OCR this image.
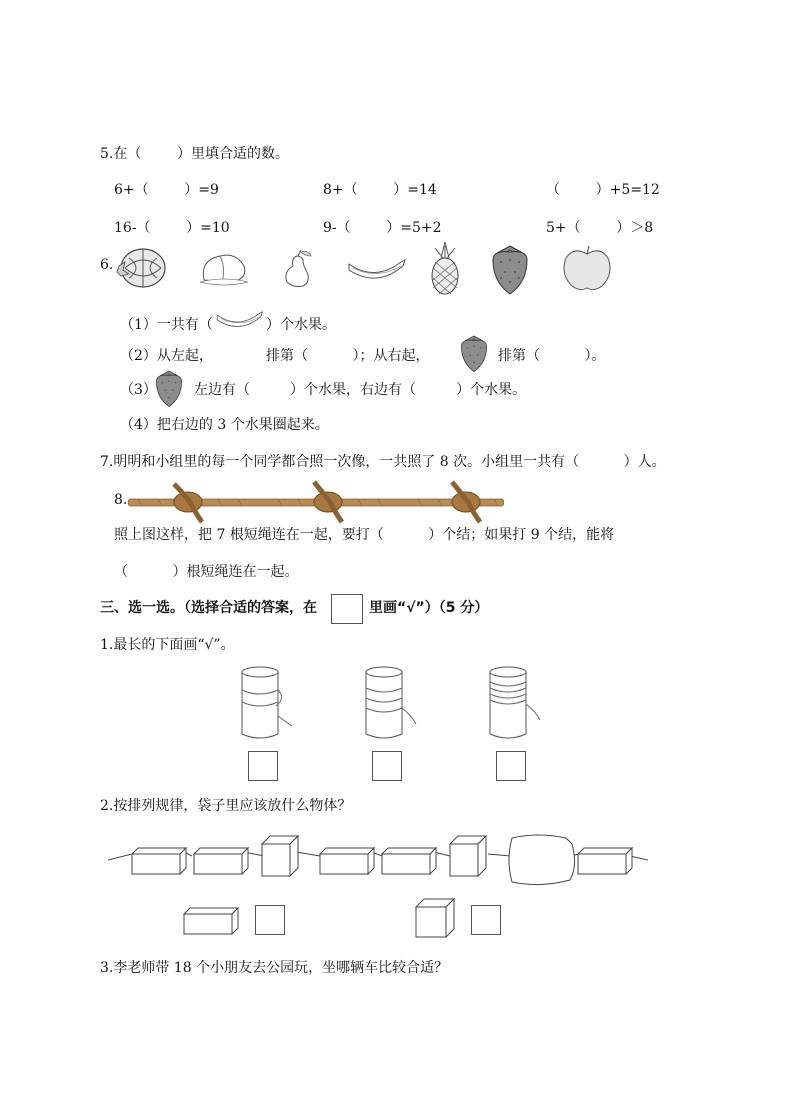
5.在（        ）里填合适的数。
6+（        ）=9	8+（        ）=14	（        ）+5=12
16-（        ）=10	9-（        ）=5+2	5+（        ）＞8
6.
（1）一共有（	）个水果。
（2）从左起，	排第（          ）；从右起，	排第（          ）。
（3）	左边有（         ）个水果，右边有（         ）个水果。
（4）把右边的 3 个水果圈起来。
7.明明和小组里的每一个同学都合照一次像，一共照了 8 次。小组里一共有（          ）人。
8.
照上图这样，把 7 根短绳连在一起，要打（          ）个结；如果打 9 个结，能将
（          ）根短绳连在一起。
三、选一选。（选择合适的答案，在	里画“√”）（5 分）
1.最长的下面画“√”。
2.按排列规律，袋子里应该放什么物体？
3.李老师带 18 个小朋友去公园玩，坐哪辆车比较合适？
